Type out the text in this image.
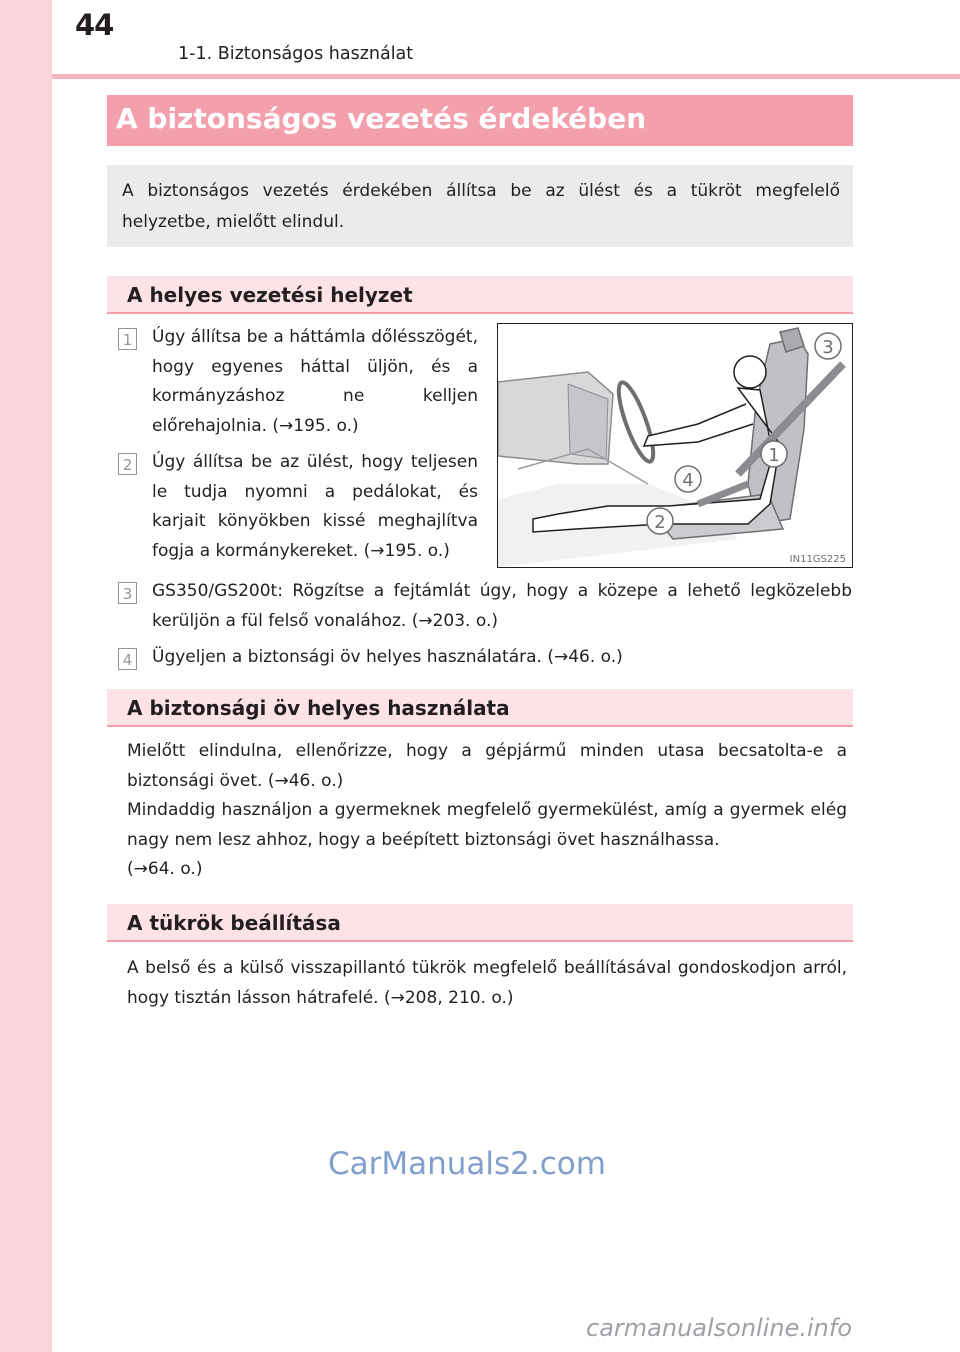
44
1-1. Biztonságos használat
A biztonságos vezetés érdekében
A biztonságos vezetés érdekében állítsa be az ülést és a tükröt megfelelő helyzetbe, mielőtt elindul.
A helyes vezetési helyzet
1 Úgy állítsa be a háttámla dőlésszögét, hogy egyenes háttal üljön, és a kormányzáshoz ne kelljen előrehajolnia. (→195. o.)
2 Úgy állítsa be az ülést, hogy teljesen le tudja nyomni a pedálokat, és karjait könyökben kissé meghajlítva fogja a kormánykereket. (→195. o.)
3
1
4
2
IN11GS225
3 GS350/GS200t: Rögzítse a fejtámlát úgy, hogy a közepe a lehető legközelebb kerüljön a fül felső vonalához. (→203. o.)
4 Ügyeljen a biztonsági öv helyes használatára. (→46. o.)
A biztonsági öv helyes használata
Mielőtt elindulna, ellenőrizze, hogy a gépjármű minden utasa becsatolta-e a biztonsági övet. (→46. o.)
Mindaddig használjon a gyermeknek megfelelő gyermekülést, amíg a gyermek elég nagy nem lesz ahhoz, hogy a beépített biztonsági övet használhassa.
(→64. o.)
A tükrök beállítása
A belső és a külső visszapillantó tükrök megfelelő beállításával gondoskodjon arról, hogy tisztán lásson hátrafelé. (→208, 210. o.)
CarManuals2.com
carmanualsonline.info
